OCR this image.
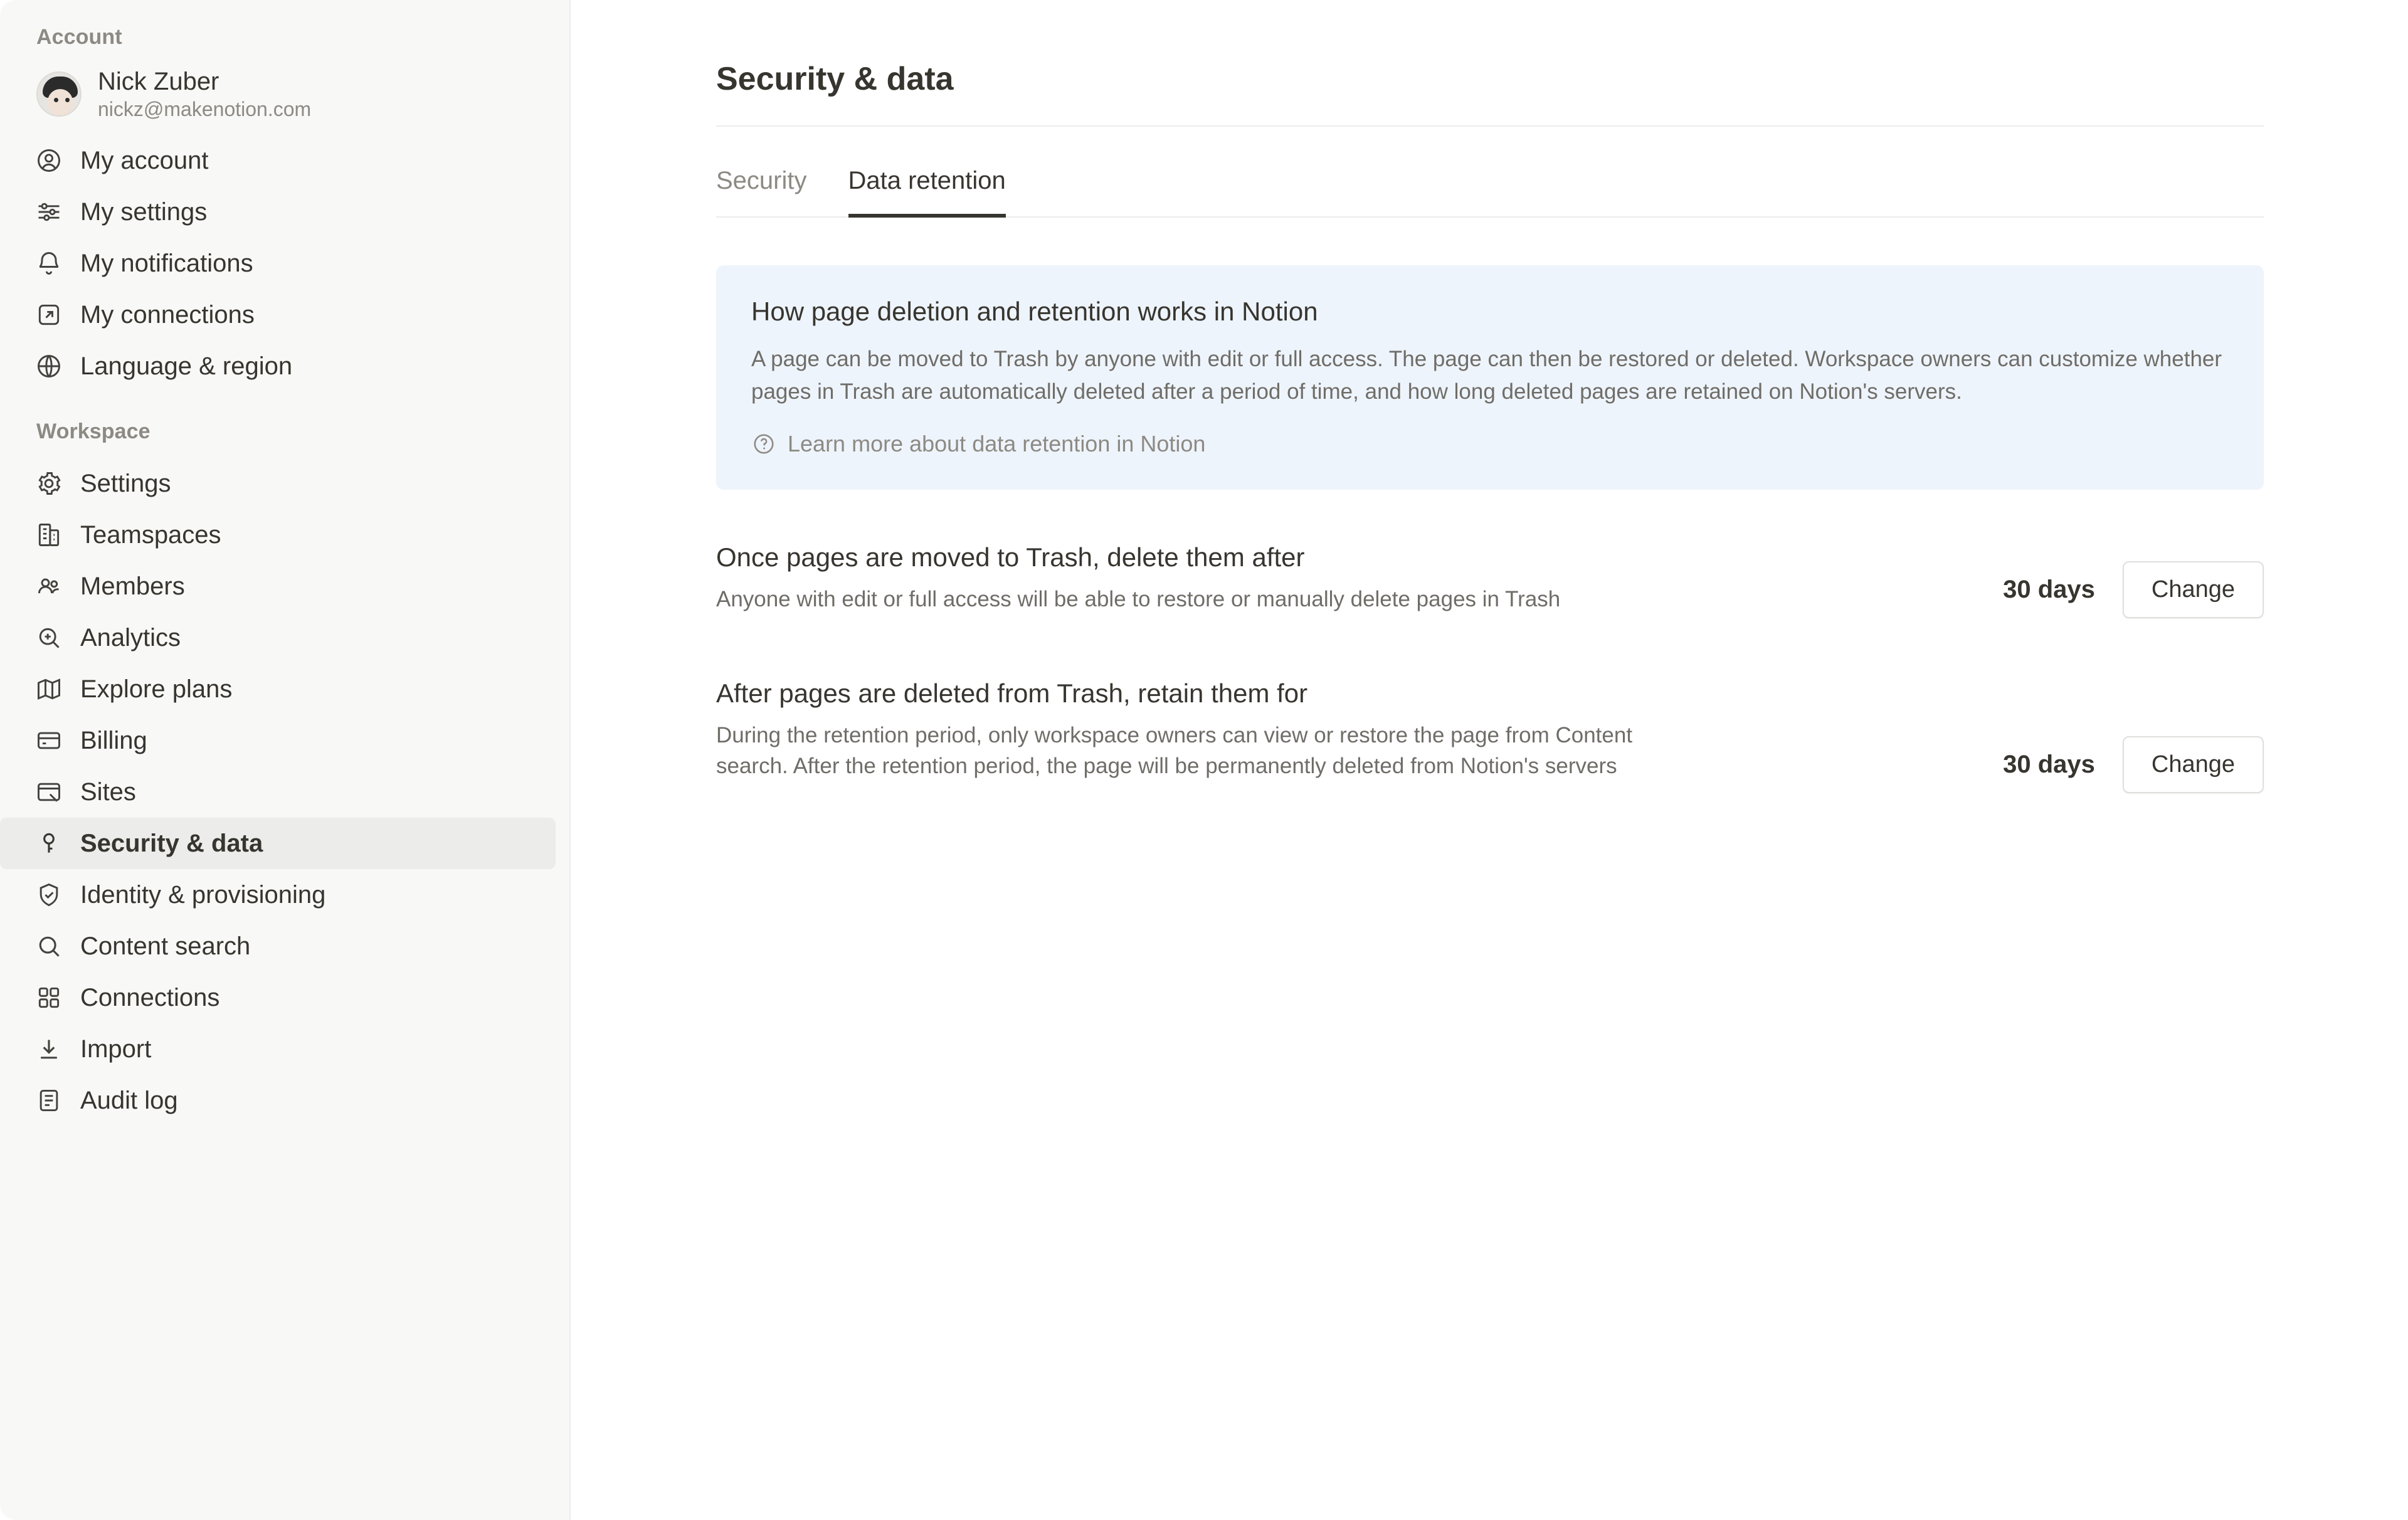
Account
Nick Zuber
nickz@makenotion.com
My account
My settings
My notifications
My connections
Language & region
Workspace
Settings
Teamspaces
Members
Analytics
Explore plans
Billing
Sites
Security & data
Identity & provisioning
Content search
Connections
Import
Audit log
Security & data
Security Data retention
How page deletion and retention works in Notion
A page can be moved to Trash by anyone with edit or full access. The page can then be restored or deleted. Workspace owners can customize whether pages in Trash are automatically deleted after a period of time, and how long deleted pages are retained on Notion's servers.
Learn more about data retention in Notion
Once pages are moved to Trash, delete them after
Anyone with edit or full access will be able to restore or manually delete pages in Trash	30 days	Change
After pages are deleted from Trash, retain them for
During the retention period, only workspace owners can view or restore the page from Content search. After the retention period, the page will be permanently deleted from Notion's servers	30 days	Change
